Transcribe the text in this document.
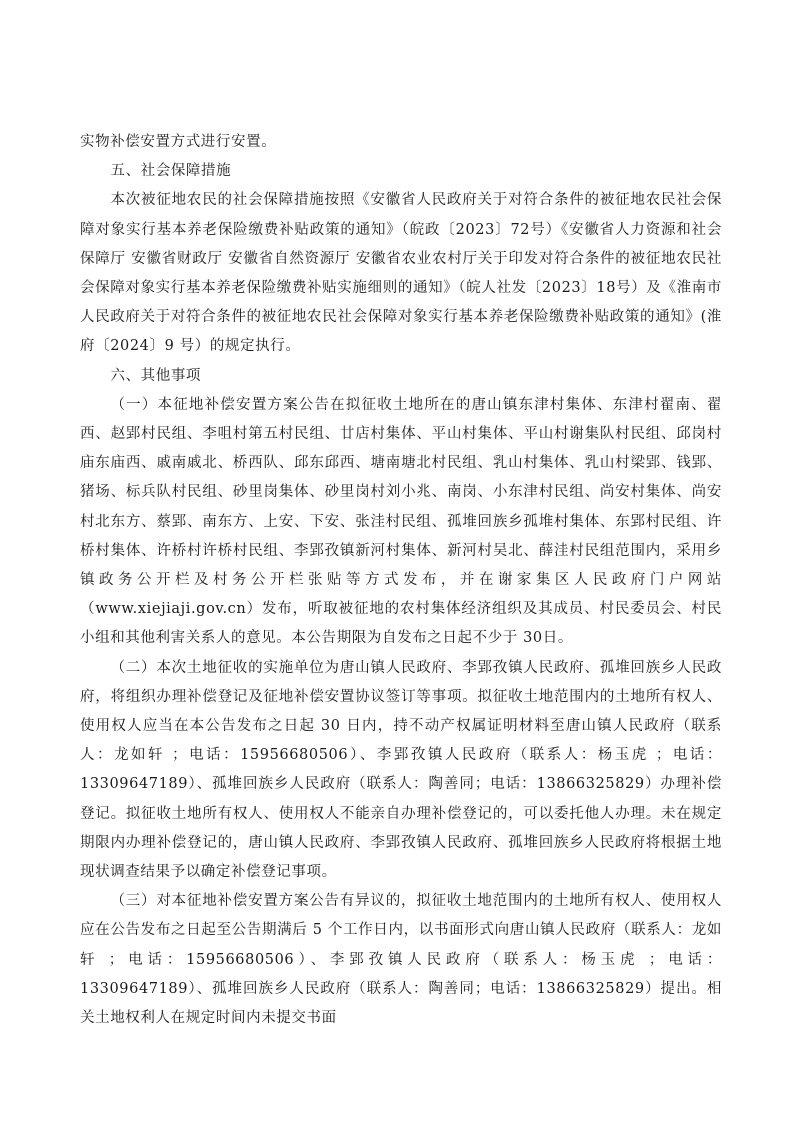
实物补偿安置方式进行安置。

五、社会保障措施

本次被征地农民的社会保障措施按照《安徽省人民政府关于对符合条件的被征地农民社会保障对象实行基本养老保险缴费补贴政策的通知》（皖政〔2023〕72号）《安徽省人力资源和社会保障厅 安徽省财政厅 安徽省自然资源厅 安徽省农业农村厅关于印发对符合条件的被征地农民社会保障对象实行基本养老保险缴费补贴实施细则的通知》（皖人社发〔2023〕18号）及《淮南市人民政府关于对符合条件的被征地农民社会保障对象实行基本养老保险缴费补贴政策的通知》(淮府〔2024〕9 号）的规定执行。

六、其他事项

（一）本征地补偿安置方案公告在拟征收土地所在的唐山镇东津村集体、东津村翟南、翟西、赵郢村民组、李咀村第五村民组、廿店村集体、平山村集体、平山村谢集队村民组、邱岗村庙东庙西、戚南戚北、桥西队、邱东邱西、塘南塘北村民组、乳山村集体、乳山村梁郢、钱郢、猪场、标兵队村民组、砂里岗集体、砂里岗村刘小兆、南岗、小东津村民组、尚安村集体、尚安村北东方、蔡郢、南东方、上安、下安、张洼村民组、孤堆回族乡孤堆村集体、东郢村民组、许桥村集体、许桥村许桥村民组、李郢孜镇新河村集体、新河村吴北、薛洼村民组范围内，采用乡镇政务公开栏及村务公开栏张贴等方式发布，并在谢家集区人民政府门户网站（www.xiejiaji.gov.cn）发布，听取被征地的农村集体经济组织及其成员、村民委员会、村民小组和其他利害关系人的意见。本公告期限为自发布之日起不少于 30日。

（二）本次土地征收的实施单位为唐山镇人民政府、李郢孜镇人民政府、孤堆回族乡人民政府，将组织办理补偿登记及征地补偿安置协议签订等事项。拟征收土地范围内的土地所有权人、使用权人应当在本公告发布之日起 30 日内，持不动产权属证明材料至唐山镇人民政府（联系人：龙如轩 ；电话：15956680506）、李郢孜镇人民政府（联系人：杨玉虎 ；电话：13309647189）、孤堆回族乡人民政府（联系人：陶善同；电话：13866325829）办理补偿登记。拟征收土地所有权人、使用权人不能亲自办理补偿登记的，可以委托他人办理。未在规定期限内办理补偿登记的，唐山镇人民政府、李郢孜镇人民政府、孤堆回族乡人民政府将根据土地现状调查结果予以确定补偿登记事项。

（三）对本征地补偿安置方案公告有异议的，拟征收土地范围内的土地所有权人、使用权人应在公告发布之日起至公告期满后 5 个工作日内，以书面形式向唐山镇人民政府（联系人：龙如轩 ；电话：15956680506）、李郢孜镇人民政府（联系人：杨玉虎 ；电话：13309647189）、孤堆回族乡人民政府（联系人：陶善同；电话：13866325829）提出。相关土地权利人在规定时间内未提交书面
